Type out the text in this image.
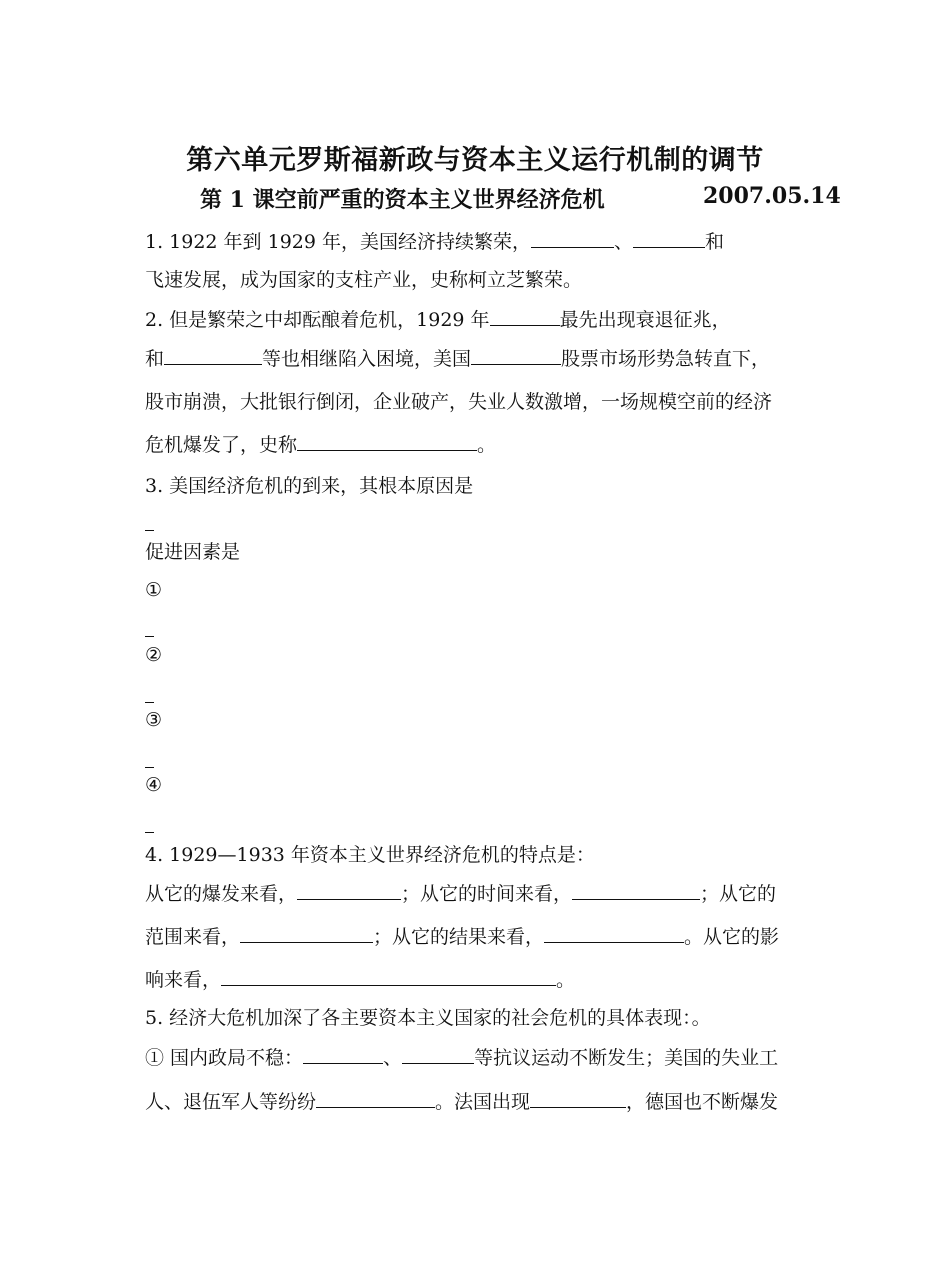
第六单元罗斯福新政与资本主义运行机制的调节
第 1 课空前严重的资本主义世界经济危机	2007.05.14
1. 1922 年到 1929 年，美国经济持续繁荣，	、	和
飞速发展，成为国家的支柱产业，史称柯立芝繁荣。
2. 但是繁荣之中却酝酿着危机，1929 年	最先出现衰退征兆，
和	等也相继陷入困境，美国	股票市场形势急转直下，
股市崩溃，大批银行倒闭，企业破产，失业人数激增，一场规模空前的经济
危机爆发了，史称	。
3. 美国经济危机的到来，其根本原因是
促进因素是
①
②
③
④
4. 1929—1933 年资本主义世界经济危机的特点是：
从它的爆发来看，	；从它的时间来看，	；从它的
范围来看，	；从它的结果来看，	。从它的影
响来看，	。
5. 经济大危机加深了各主要资本主义国家的社会危机的具体表现：。
① 国内政局不稳：	、	等抗议运动不断发生；美国的失业工
人、退伍军人等纷纷	。法国出现	，德国也不断爆发
